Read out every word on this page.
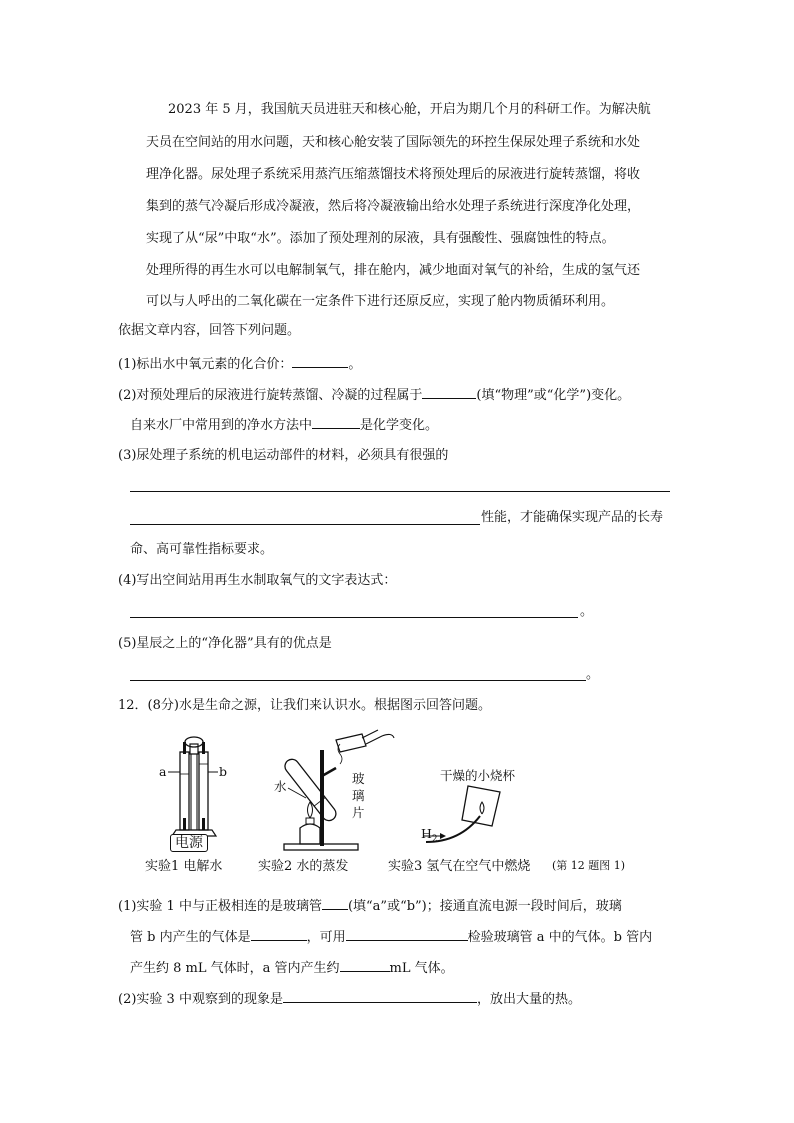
2023 年 5 月，我国航天员进驻天和核心舱，开启为期几个月的科研工作。为解决航
天员在空间站的用水问题，天和核心舱安装了国际领先的环控生保尿处理子系统和水处
理净化器。尿处理子系统采用蒸汽压缩蒸馏技术将预处理后的尿液进行旋转蒸馏，将收
集到的蒸气冷凝后形成冷凝液，然后将冷凝液输出给水处理子系统进行深度净化处理，
实现了从“尿”中取“水”。添加了预处理剂的尿液，具有强酸性、强腐蚀性的特点。
处理所得的再生水可以电解制氧气，排在舱内，减少地面对氧气的补给，生成的氢气还
可以与人呼出的二氧化碳在一定条件下进行还原反应，实现了舱内物质循环利用。
依据文章内容，回答下列问题。
(1)标出水中氧元素的化合价：	。
(2)对预处理后的尿液进行旋转蒸馏、冷凝的过程属于	(填“物理”或“化学”)变化。
自来水厂中常用到的净水方法中	是化学变化。
(3)尿处理子系统的机电运动部件的材料，必须具有很强的
性能，才能确保实现产品的长寿
命、高可靠性指标要求。
(4)写出空间站用再生水制取氧气的文字表达式：
。
(5)星辰之上的“净化器”具有的优点是
。
12．(8分)水是生命之源，让我们来认识水。根据图示回答问题。
a	b
电源
水
玻
璃
片
干燥的小烧杯
$H_2$
实验1 电解水	实验2 水的蒸发	实验3 氢气在空气中燃烧 (第 12 题图 1)
(1)实验 1 中与正极相连的是玻璃管 (填“a”或“b”)；接通直流电源一段时间后，玻璃
管 b 内产生的气体是	，可用	检验玻璃管 a 中的气体。b 管内
产生约 8 mL 气体时，a 管内产生约	mL 气体。
(2)实验 3 中观察到的现象是	，放出大量的热。
